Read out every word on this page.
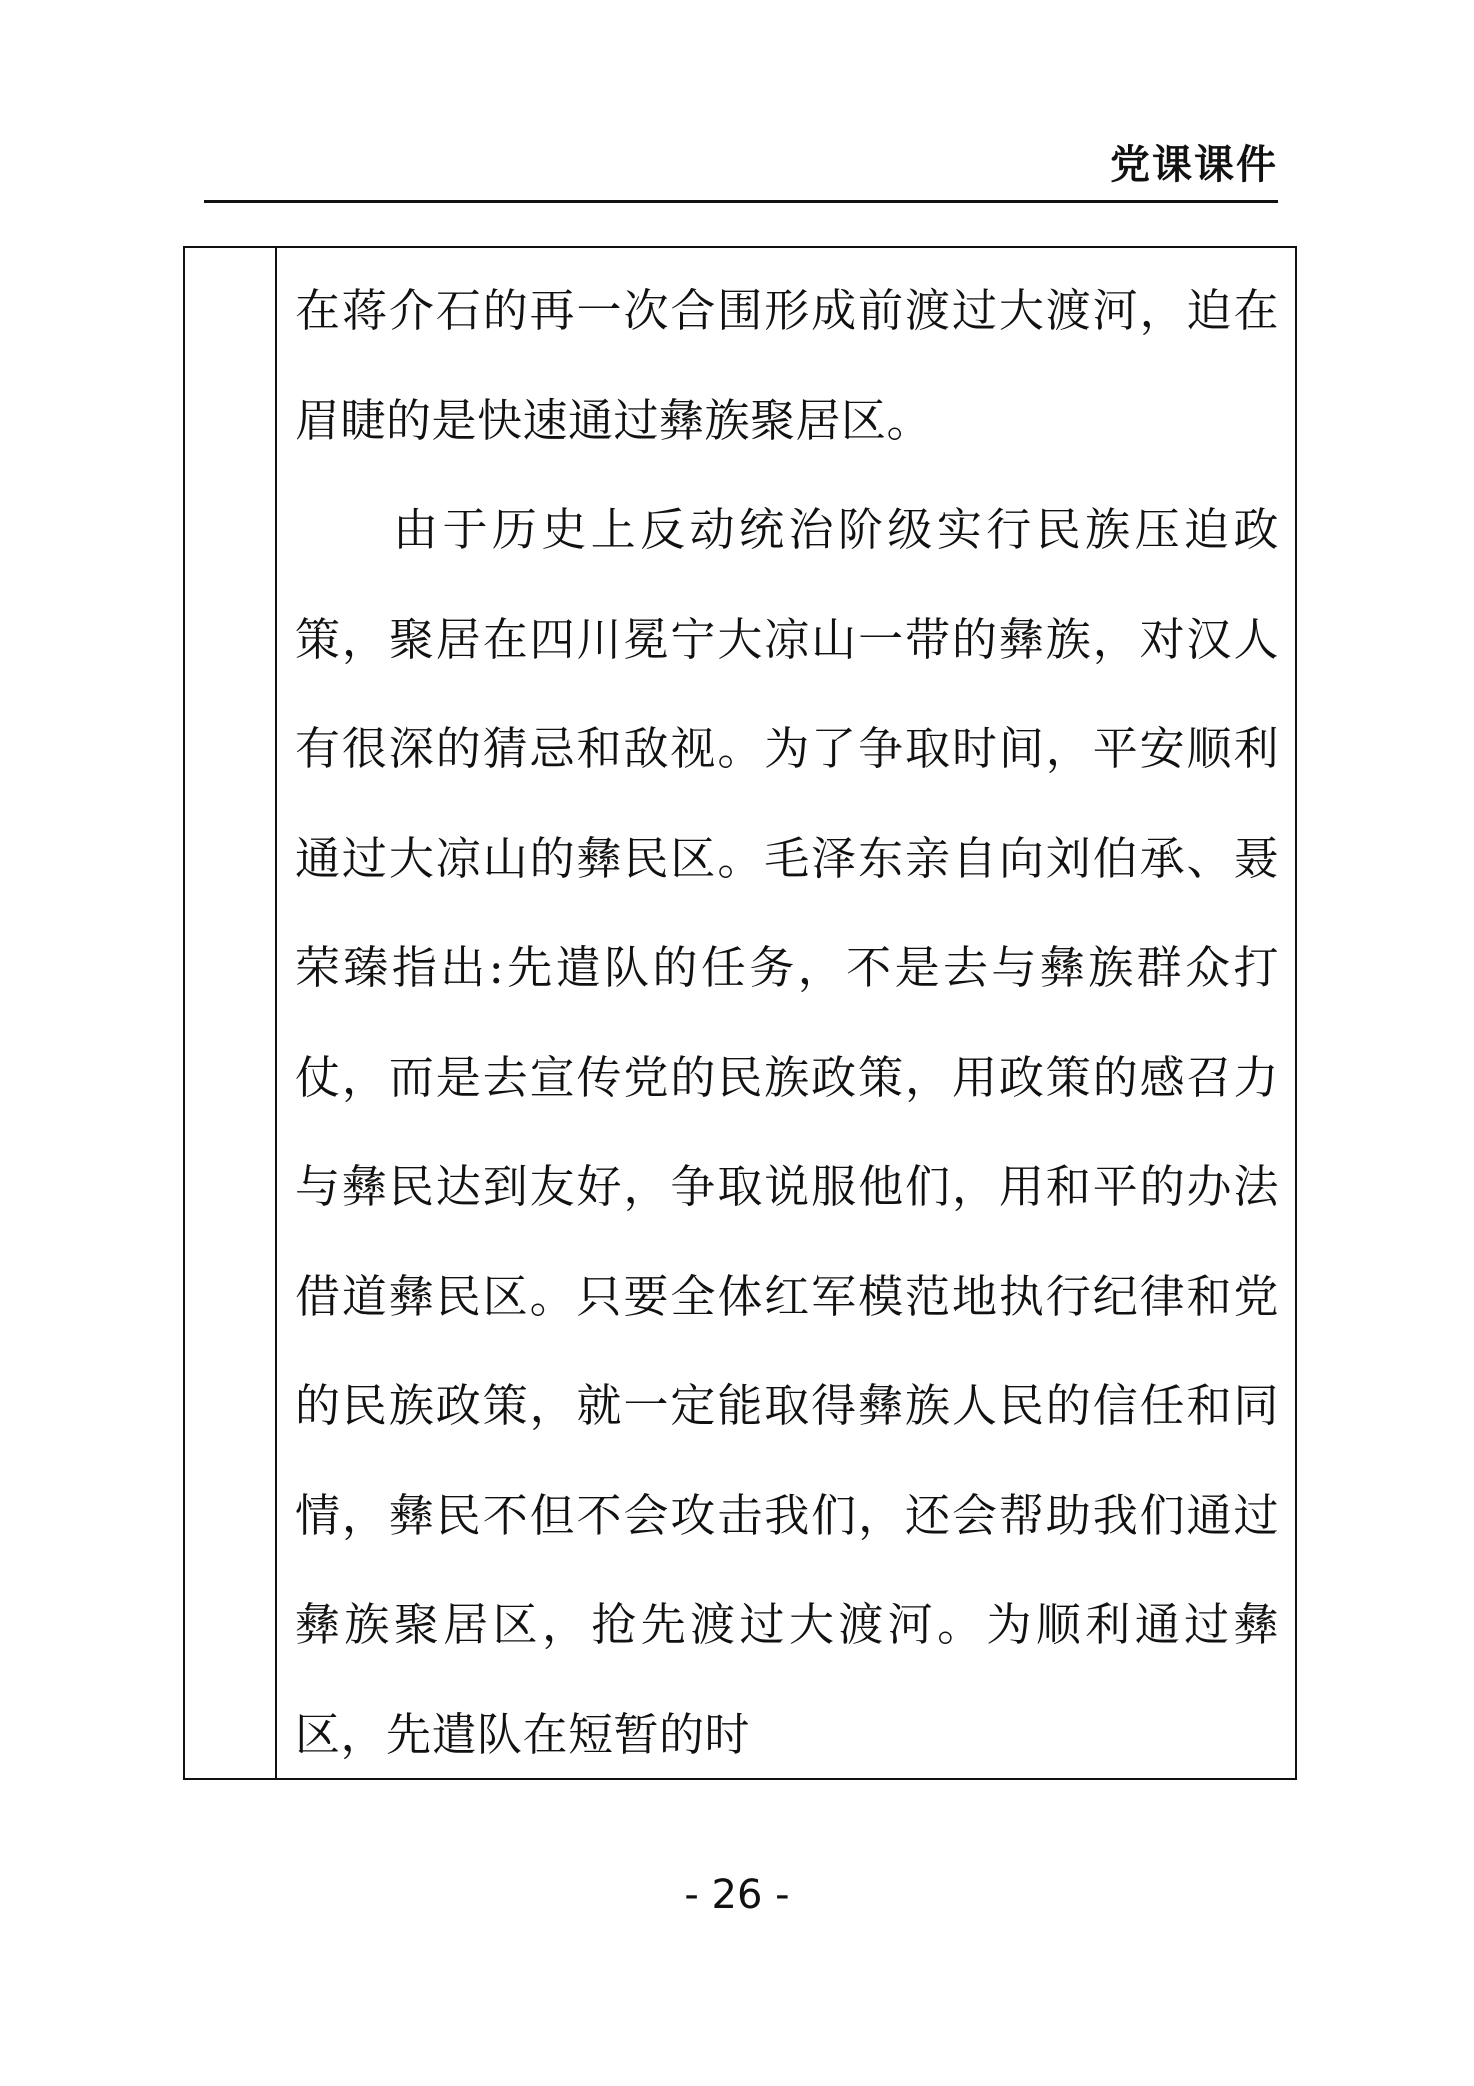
党课课件

在蒋介石的再一次合围形成前渡过大渡河，迫在眉睫的是快速通过彝族聚居区。

由于历史上反动统治阶级实行民族压迫政策，聚居在四川冕宁大凉山一带的彝族，对汉人有很深的猜忌和敌视。为了争取时间，平安顺利通过大凉山的彝民区。毛泽东亲自向刘伯承、聂荣臻指出:先遣队的任务，不是去与彝族群众打仗，而是去宣传党的民族政策，用政策的感召力与彝民达到友好，争取说服他们，用和平的办法借道彝民区。只要全体红军模范地执行纪律和党的民族政策，就一定能取得彝族人民的信任和同情，彝民不但不会攻击我们，还会帮助我们通过彝族聚居区，抢先渡过大渡河。为顺利通过彝区，先遣队在短暂的时

- 26 -
